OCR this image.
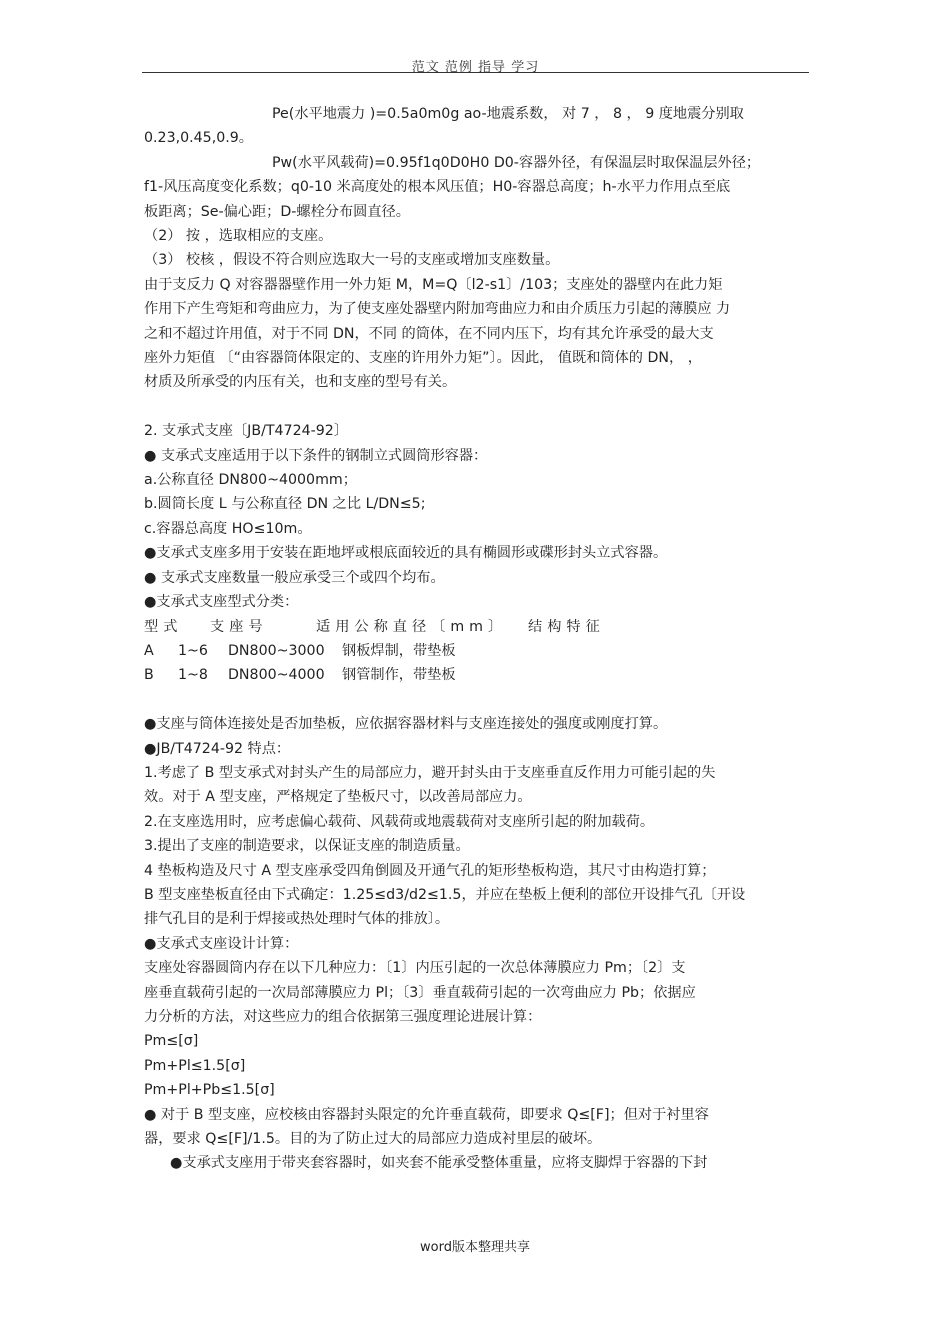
范文 范例 指导 学习

Pe(水平地震力 )=0.5a0m0g ao-地震系数， 对 7 ， 8 ， 9 度地震分别取

0.23,0.45,0.9。

Pw(水平风载荷)=0.95f1q0D0H0 D0-容器外径，有保温层时取保温层外径；

f1-风压高度变化系数；q0-10 米高度处的根本风压值；H0-容器总高度；h-水平力作用点至底

板距离；Se-偏心距；D-螺栓分布圆直径。

（2） 按 ，选取相应的支座。

（3） 校核 ，假设不符合则应选取大一号的支座或增加支座数量。

由于支反力 Q 对容器器壁作用一外力矩 M，M=Q〔l2-s1〕/103；支座处的器壁内在此力矩

作用下产生弯矩和弯曲应力，为了使支座处器壁内附加弯曲应力和由介质压力引起的薄膜应 力

之和不超过许用值，对于不同 DN，不同 的筒体，在不同内压下，均有其允许承受的最大支

座外力矩值 〔“由容器筒体限定的、支座的许用外力矩”〕。因此， 值既和筒体的 DN， ，

材质及所承受的内压有关，也和支座的型号有关。

2. 支承式支座〔JB/T4724-92〕

● 支承式支座适用于以下条件的钢制立式圆筒形容器：

a.公称直径 DN800~4000mm；

b.圆筒长度 L 与公称直径 DN 之比 L/DN≤5;

c.容器总高度 HO≤10m。

●支承式支座多用于安装在距地坪或根底面较近的具有椭圆形或碟形封头立式容器。

● 支承式支座数量一般应承受三个或四个均布。

●支承式支座型式分类：

型式	支座号	适用公称直径〔mm〕	结构特征
A	1~6	DN800~3000	钢板焊制，带垫板
B	1~8	DN800~4000	钢管制作，带垫板

●支座与筒体连接处是否加垫板，应依据容器材料与支座连接处的强度或刚度打算。

●JB/T4724-92 特点：

1.考虑了 B 型支承式对封头产生的局部应力，避开封头由于支座垂直反作用力可能引起的失

效。对于 A 型支座，严格规定了垫板尺寸，以改善局部应力。

2.在支座选用时，应考虑偏心载荷、风载荷或地震载荷对支座所引起的附加载荷。

3.提出了支座的制造要求，以保证支座的制造质量。

4 垫板构造及尺寸 A 型支座承受四角倒圆及开通气孔的矩形垫板构造，其尺寸由构造打算；

B 型支座垫板直径由下式确定：1.25≤d3/d2≤1.5，并应在垫板上便利的部位开设排气孔〔开设

排气孔目的是利于焊接或热处理时气体的排放〕。

●支承式支座设计计算：

支座处容器圆筒内存在以下几种应力：〔1〕内压引起的一次总体薄膜应力 Pm；〔2〕支

座垂直载荷引起的一次局部薄膜应力 Pl；〔3〕垂直载荷引起的一次弯曲应力 Pb；依据应

力分析的方法，对这些应力的组合依据第三强度理论进展计算：

Pm≤[σ]

Pm+Pl≤1.5[σ]

Pm+Pl+Pb≤1.5[σ]

● 对于 B 型支座，应校核由容器封头限定的允许垂直载荷，即要求 Q≤[F]；但对于衬里容

器，要求 Q≤[F]/1.5。目的为了防止过大的局部应力造成衬里层的破坏。

●支承式支座用于带夹套容器时，如夹套不能承受整体重量，应将支脚焊于容器的下封

word版本整理共享
